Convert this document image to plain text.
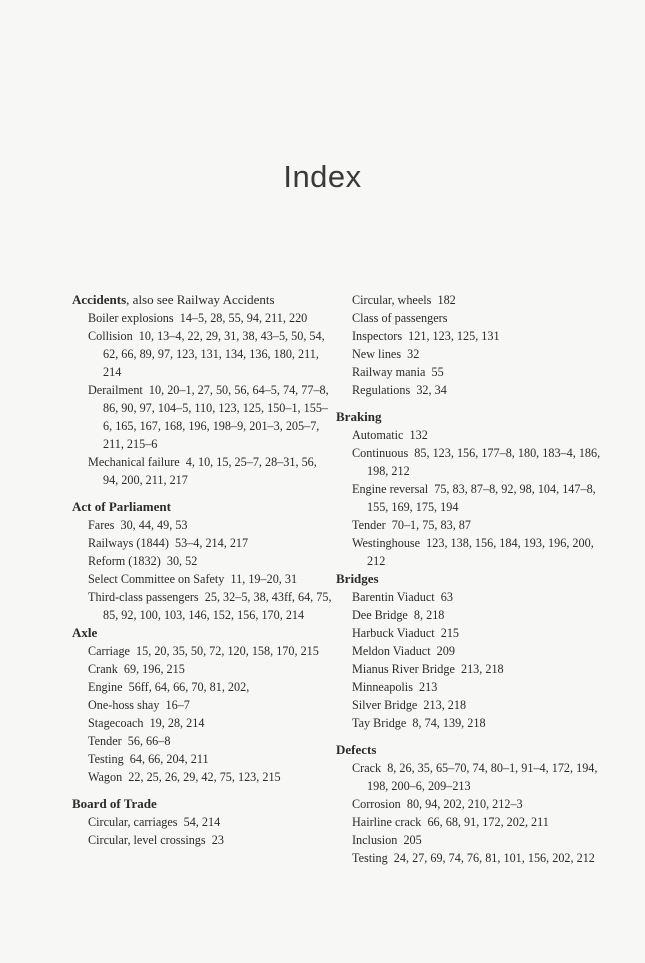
Index

Accidents, also see Railway Accidents

Boiler explosions  14–5, 28, 55, 94, 211, 220

Collision  10, 13–4, 22, 29, 31, 38, 43–5, 50, 54, 62, 66, 89, 97, 123, 131, 134, 136, 180, 211, 214

Derailment  10, 20–1, 27, 50, 56, 64–5, 74, 77–8, 86, 90, 97, 104–5, 110, 123, 125, 150–1, 155–6, 165, 167, 168, 196, 198–9, 201–3, 205–7, 211, 215–6

Mechanical failure  4, 10, 15, 25–7, 28–31, 56, 94, 200, 211, 217

Act of Parliament

Fares  30, 44, 49, 53

Railways (1844)  53–4, 214, 217

Reform (1832)  30, 52

Select Committee on Safety  11, 19–20, 31

Third-class passengers  25, 32–5, 38, 43ff, 64, 75, 85, 92, 100, 103, 146, 152, 156, 170, 214

Axle

Carriage  15, 20, 35, 50, 72, 120, 158, 170, 215

Crank  69, 196, 215

Engine  56ff, 64, 66, 70, 81, 202,

One-hoss shay  16–7

Stagecoach  19, 28, 214

Tender  56, 66–8

Testing  64, 66, 204, 211

Wagon  22, 25, 26, 29, 42, 75, 123, 215

Board of Trade

Circular, carriages  54, 214

Circular, level crossings  23

Circular, wheels  182

Class of passengers

Inspectors  121, 123, 125, 131

New lines  32

Railway mania  55

Regulations  32, 34

Braking

Automatic  132

Continuous  85, 123, 156, 177–8, 180, 183–4, 186, 198, 212

Engine reversal  75, 83, 87–8, 92, 98, 104, 147–8, 155, 169, 175, 194

Tender  70–1, 75, 83, 87

Westinghouse  123, 138, 156, 184, 193, 196, 200, 212

Bridges

Barentin Viaduct  63

Dee Bridge  8, 218

Harbuck Viaduct  215

Meldon Viaduct  209

Mianus River Bridge  213, 218

Minneapolis  213

Silver Bridge  213, 218

Tay Bridge  8, 74, 139, 218

Defects

Crack  8, 26, 35, 65–70, 74, 80–1, 91–4, 172, 194, 198, 200–6, 209–213

Corrosion  80, 94, 202, 210, 212–3

Hairline crack  66, 68, 91, 172, 202, 211

Inclusion  205

Testing  24, 27, 69, 74, 76, 81, 101, 156, 202, 212
